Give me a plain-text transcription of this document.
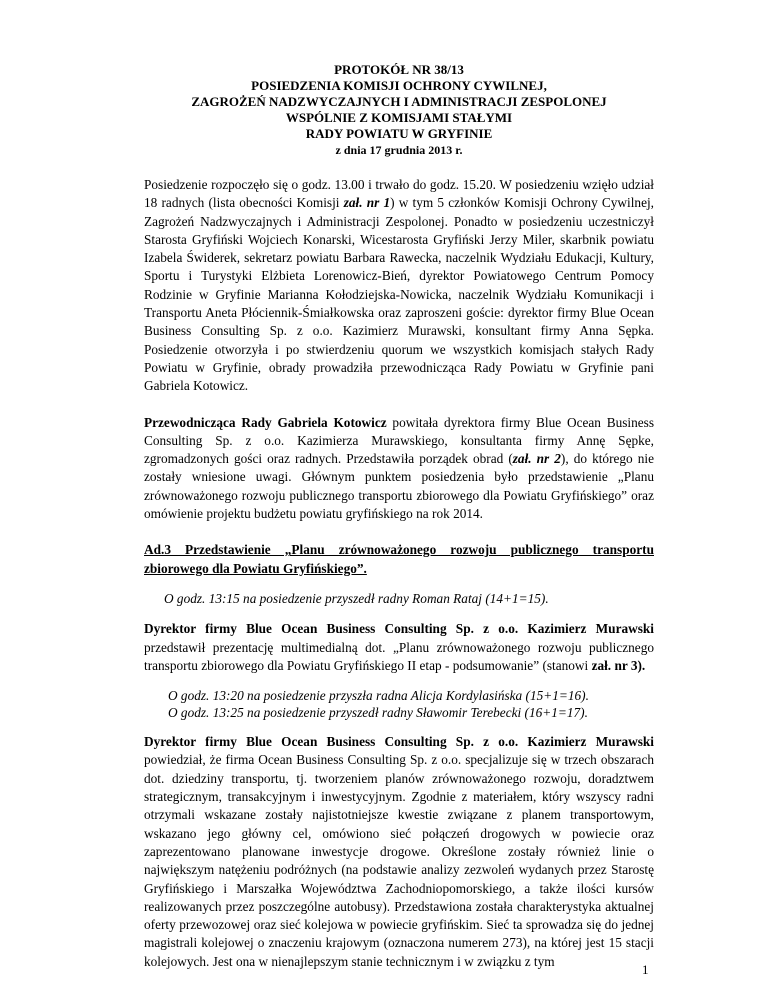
PROTOKÓŁ NR 38/13
POSIEDZENIA KOMISJI OCHRONY CYWILNEJ,
ZAGROŻEŃ NADZWYCZAJNYCH I ADMINISTRACJI ZESPOLONEJ
WSPÓLNIE Z KOMISJAMI STAŁYMI
RADY POWIATU W GRYFINIE
z dnia 17 grudnia 2013 r.

Posiedzenie rozpoczęło się o godz. 13.00 i trwało do godz. 15.20. W posiedzeniu wzięło udział 18 radnych (lista obecności Komisji zał. nr 1) w tym 5 członków Komisji Ochrony Cywilnej, Zagrożeń Nadzwyczajnych i Administracji Zespolonej. Ponadto w posiedzeniu uczestniczył Starosta Gryfiński Wojciech Konarski, Wicestarosta Gryfiński Jerzy Miler, skarbnik powiatu Izabela Świderek, sekretarz powiatu Barbara Rawecka, naczelnik Wydziału Edukacji, Kultury, Sportu i Turystyki Elżbieta Lorenowicz-Bień, dyrektor Powiatowego Centrum Pomocy Rodzinie w Gryfinie Marianna Kołodziejska-Nowicka, naczelnik Wydziału Komunikacji i Transportu Aneta Płóciennik-Śmiałkowska oraz zaproszeni goście: dyrektor firmy Blue Ocean Business Consulting Sp. z o.o. Kazimierz Murawski, konsultant firmy Anna Sępka. Posiedzenie otworzyła i po stwierdzeniu quorum we wszystkich komisjach stałych Rady Powiatu w Gryfinie, obrady prowadziła przewodnicząca Rady Powiatu w Gryfinie pani Gabriela Kotowicz.

Przewodnicząca Rady Gabriela Kotowicz powitała dyrektora firmy Blue Ocean Business Consulting Sp. z o.o. Kazimierza Murawskiego, konsultanta firmy Annę Sępke, zgromadzonych gości oraz radnych. Przedstawiła porządek obrad (zał. nr 2), do którego nie zostały wniesione uwagi. Głównym punktem posiedzenia było przedstawienie „Planu zrównoważonego rozwoju publicznego transportu zbiorowego dla Powiatu Gryfińskiego” oraz omówienie projektu budżetu powiatu gryfińskiego na rok 2014.

Ad.3 Przedstawienie „Planu zrównoważonego rozwoju publicznego transportu zbiorowego dla Powiatu Gryfińskiego”.

O godz. 13:15 na posiedzenie przyszedł radny Roman Rataj (14+1=15).

Dyrektor firmy Blue Ocean Business Consulting Sp. z o.o. Kazimierz Murawski przedstawił prezentację multimedialną dot. „Planu zrównoważonego rozwoju publicznego transportu zbiorowego dla Powiatu Gryfińskiego II etap - podsumowanie” (stanowi zał. nr 3).

O godz. 13:20 na posiedzenie przyszła radna Alicja Kordylasińska (15+1=16).

O godz. 13:25 na posiedzenie przyszedł radny Sławomir Terebecki (16+1=17).

Dyrektor firmy Blue Ocean Business Consulting Sp. z o.o. Kazimierz Murawski powiedział, że firma Ocean Business Consulting Sp. z o.o. specjalizuje się w trzech obszarach dot. dziedziny transportu, tj. tworzeniem planów zrównoważonego rozwoju, doradztwem strategicznym, transakcyjnym i inwestycyjnym. Zgodnie z materiałem, który wszyscy radni otrzymali wskazane zostały najistotniejsze kwestie związane z planem transportowym, wskazano jego główny cel, omówiono sieć połączeń drogowych w powiecie oraz zaprezentowano planowane inwestycje drogowe. Określone zostały również linie o największym natężeniu podróżnych (na podstawie analizy zezwoleń wydanych przez Starostę Gryfińskiego i Marszałka Województwa Zachodniopomorskiego, a także ilości kursów realizowanych przez poszczególne autobusy). Przedstawiona została charakterystyka aktualnej oferty przewozowej oraz sieć kolejowa w powiecie gryfińskim. Sieć ta sprowadza się do jednej magistrali kolejowej o znaczeniu krajowym (oznaczona numerem 273), na której jest 15 stacji kolejowych. Jest ona w nienajlepszym stanie technicznym i w związku z tym

1
